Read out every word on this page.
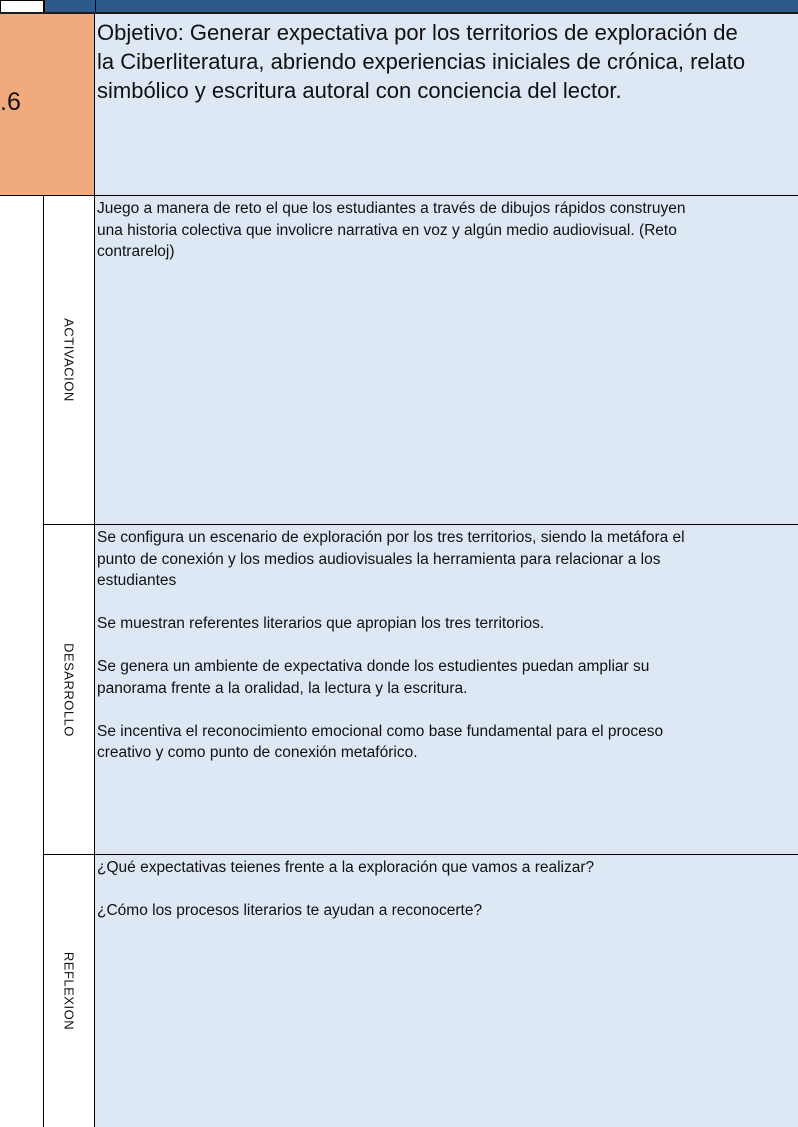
.6

Objetivo: Generar expectativa por los territorios de exploración de
la Ciberliteratura, abriendo experiencias iniciales de crónica, relato
simbólico y escritura autoral con conciencia del lector.

ACTIVACION

Juego a manera de reto el que los estudiantes a través de dibujos rápidos construyen
una historia colectiva que involicre narrativa en voz y algún medio audiovisual. (Reto
contrareloj)

DESARROLLO

Se configura un escenario de exploración por los tres territorios, siendo la metáfora el
punto de conexión y los medios audiovisuales la herramienta para relacionar a los
estudiantes

Se muestran referentes literarios que apropian los tres territorios.

Se genera un ambiente de expectativa donde los estudientes puedan ampliar su
panorama frente a la oralidad, la lectura y la escritura.

Se incentiva el reconocimiento emocional como base fundamental para el proceso
creativo y como punto de conexión metafórico.

REFLEXION

¿Qué expectativas teienes frente a la exploración que vamos a realizar?

¿Cómo los procesos literarios te ayudan a reconocerte?
